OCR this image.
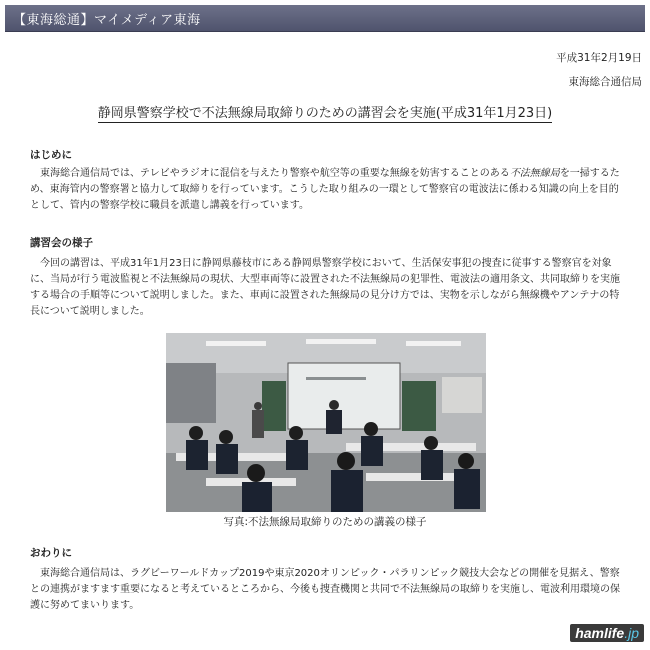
【東海総通】マイメディア東海
平成31年2月19日
東海総合通信局
静岡県警察学校で不法無線局取締りのための講習会を実施(平成31年1月23日)
はじめに

東海総合通信局では、テレビやラジオに混信を与えたり警察や航空等の重要な無線を妨害することのある不法無線局を一掃するため、東海管内の警察署と協力して取締りを行っています。こうした取り組みの一環として警察官の電波法に係わる知識の向上を目的として、管内の警察学校に職員を派遣し講義を行っています。

講習会の様子

今回の講習は、平成31年1月23日に静岡県藤枝市にある静岡県警察学校において、生活保安事犯の捜査に従事する警察官を対象に、当局が行う電波監視と不法無線局の現状、大型車両等に設置された不法無線局の犯罪性、電波法の適用条文、共同取締りを実施する場合の手順等について説明しました。また、車両に設置された無線局の見分け方では、実物を示しながら無線機やアンテナの特長について説明しました。

写真:不法無線局取締りのための講義の様子
おわりに

東海総合通信局は、ラグビーワールドカップ2019や東京2020オリンピック・パラリンピック競技大会などの開催を見据え、警察との連携がますます重要になると考えているところから、今後も捜査機関と共同で不法無線局の取締りを実施し、電波利用環境の保護に努めてまいります。

hamlife.jp
